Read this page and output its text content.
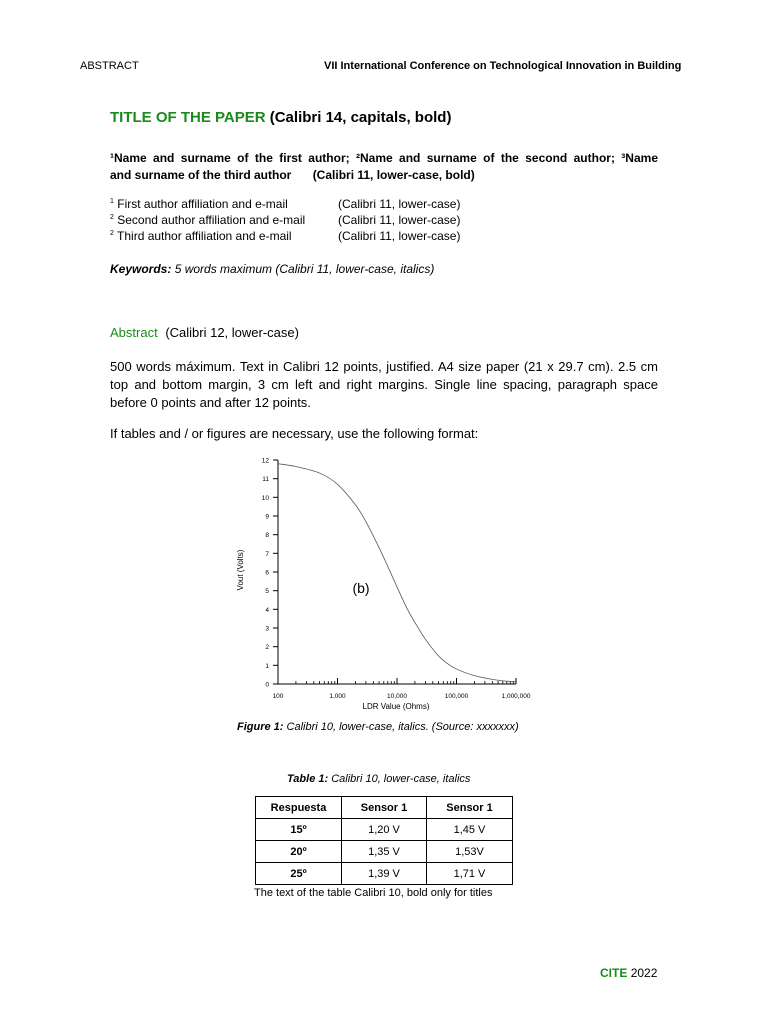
ABSTRACT	VII International Conference on Technological Innovation in Building
TITLE OF THE PAPER (Calibri 14, capitals, bold)
¹Name and surname of the first author; ²Name and surname of the second author; ³Name
and surname of the third author (Calibri 11, lower-case, bold)
$^1$ First author affiliation and e-mail	(Calibri 11, lower-case)
$^2$ Second author affiliation and e-mail	(Calibri 11, lower-case)
$^2$ Third author affiliation and e-mail	(Calibri 11, lower-case)
Keywords: 5 words maximum (Calibri 11, lower-case, italics)
Abstract (Calibri 12, lower-case)
500 words máximum. Text in Calibri 12 points, justified. A4 size paper (21 x 29.7 cm). 2.5 cm top and bottom margin, 3 cm left and right margins. Single line spacing, paragraph space before 0 points and after 12 points.
If tables and / or figures are necessary, use the following format:
0
1
2
3
4
5
6
7
8
9
10
11
12
100	1,000	10,000	100,000	1,000,000
Vout (Volts)
LDR Value (Ohms)
(b)
Figure 1: Calibri 10, lower-case, italics. (Source: xxxxxxx)
Table 1: Calibri 10, lower-case, italics
Respuesta	Sensor 1	Sensor 1
15º	1,20 V	1,45 V
20º	1,35 V	1,53V
25º	1,39 V	1,71 V
The text of the table Calibri 10, bold only for titles
CITE 2022
